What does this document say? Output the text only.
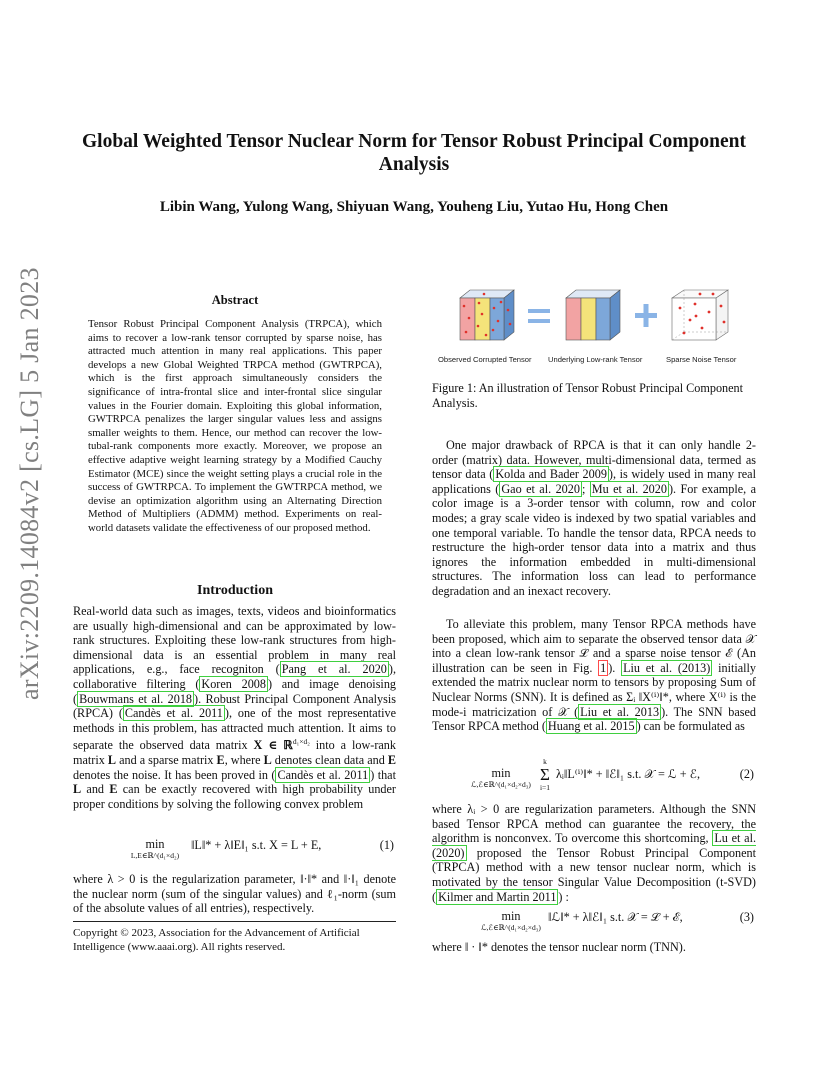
arXiv:2209.14084v2 [cs.LG] 5 Jan 2023
Global Weighted Tensor Nuclear Norm for Tensor Robust Principal Component Analysis

Libin Wang, Yulong Wang, Shiyuan Wang, Youheng Liu, Yutao Hu, Hong Chen

Abstract

Tensor Robust Principal Component Analysis (TRPCA), which aims to recover a low-rank tensor corrupted by sparse noise, has attracted much attention in many real applications. This paper develops a new Global Weighted TRPCA method (GWTRPCA), which is the first approach simultaneously considers the significance of intra-frontal slice and inter-frontal slice singular values in the Fourier domain. Exploiting this global information, GWTRPCA penalizes the larger singular values less and assigns smaller weights to them. Hence, our method can recover the low-tubal-rank components more exactly. Moreover, we propose an effective adaptive weight learning strategy by a Modified Cauchy Estimator (MCE) since the weight setting plays a crucial role in the success of GWTRPCA. To implement the GWTRPCA method, we devise an optimization algorithm using an Alternating Direction Method of Multipliers (ADMM) method. Experiments on real-world datasets validate the effectiveness of our proposed method.

Introduction

Real-world data such as images, texts, videos and bioinformatics are usually high-dimensional and can be approximated by low-rank structures. Exploiting these low-rank structures from high-dimensional data is an essential problem in many real applications, e.g., face recogniton ( Pang et al. 2020 ), collaborative filtering ( Koren 2008 ) and image denoising ( Bouwmans et al. 2018 ). Robust Principal Component Analysis (RPCA) ( Candès et al. 2011 ), one of the most representative methods in this problem, has attracted much attention. It aims to separate the observed data matrix X ∈ ℝ$^{d_1\times d_2}$ into a low-rank matrix L and a sparse matrix E, where L denotes clean data and E denotes the noise. It has been proved in ( Candès et al. 2011 ) that L and E can be exactly recovered with high probability under proper conditions by solving the following convex problem

min
L,E∈ℝ^(d₁×d₂)
‖L‖* + λ‖E‖₁ s.t. X = L + E,	(1)

where λ > 0 is the regularization parameter, ‖·‖* and ‖·‖₁ denote the nuclear norm (sum of the singular values) and ℓ₁-norm (sum of the absolute values of all entries), respectively.

Copyright © 2023, Association for the Advancement of Artificial Intelligence (www.aaai.org). All rights reserved.
Observed Corrupted Tensor Underlying Low-rank Tensor	Sparse Noise Tensor

Figure 1: An illustration of Tensor Robust Principal Component Analysis.

One major drawback of RPCA is that it can only handle 2-order (matrix) data. However, multi-dimensional data, termed as tensor data ( Kolda and Bader 2009 ), is widely used in many real applications ( Gao et al. 2020 ; Mu et al. 2020 ). For example, a color image is a 3-order tensor with column, row and color modes; a gray scale video is indexed by two spatial variables and one temporal variable. To handle the tensor data, RPCA needs to restructure the high-order tensor data into a matrix and thus ignores the information embedded in multi-dimensional structures. The information loss can lead to performance degradation and an inexact recovery.

To alleviate this problem, many Tensor RPCA methods have been proposed, which aim to separate the observed tensor data 𝒳 into a clean low-rank tensor ℒ and a sparse noise tensor ℰ (An illustration can be seen in Fig. 1 ). Liu et al. (2013) initially extended the matrix nuclear norm to tensors by proposing Sum of Nuclear Norms (SNN). It is defined as Σᵢ ‖X⁽ⁱ⁾‖*, where X⁽ⁱ⁾ is the mode-i matricization of 𝒳 ( Liu et al. 2013 ). The SNN based Tensor RPCA method ( Huang et al. 2015 ) can be formulated as

min
ℒ,ℰ∈ℝ^(d₁×d₂×d₃)
k
Σ
i=1
λᵢ‖L⁽ⁱ⁾‖* + ‖ℰ‖₁ s.t. 𝒳 = ℒ + ℰ,	(2)

where λᵢ > 0 are regularization parameters. Although the SNN based Tensor RPCA method can guarantee the recovery, the algorithm is nonconvex. To overcome this shortcoming, Lu et al. (2020) proposed the Tensor Robust Principal Component (TRPCA) method with a new tensor nuclear norm, which is motivated by the tensor Singular Value Decomposition (t-SVD) ( Kilmer and Martin 2011 ) :

min
ℒ,ℰ∈ℝ^(d₁×d₂×d₃)
‖ℒ‖* + λ‖ℰ‖₁ s.t. 𝒳 = ℒ + ℰ,	(3)

where ‖ · ‖* denotes the tensor nuclear norm (TNN).
